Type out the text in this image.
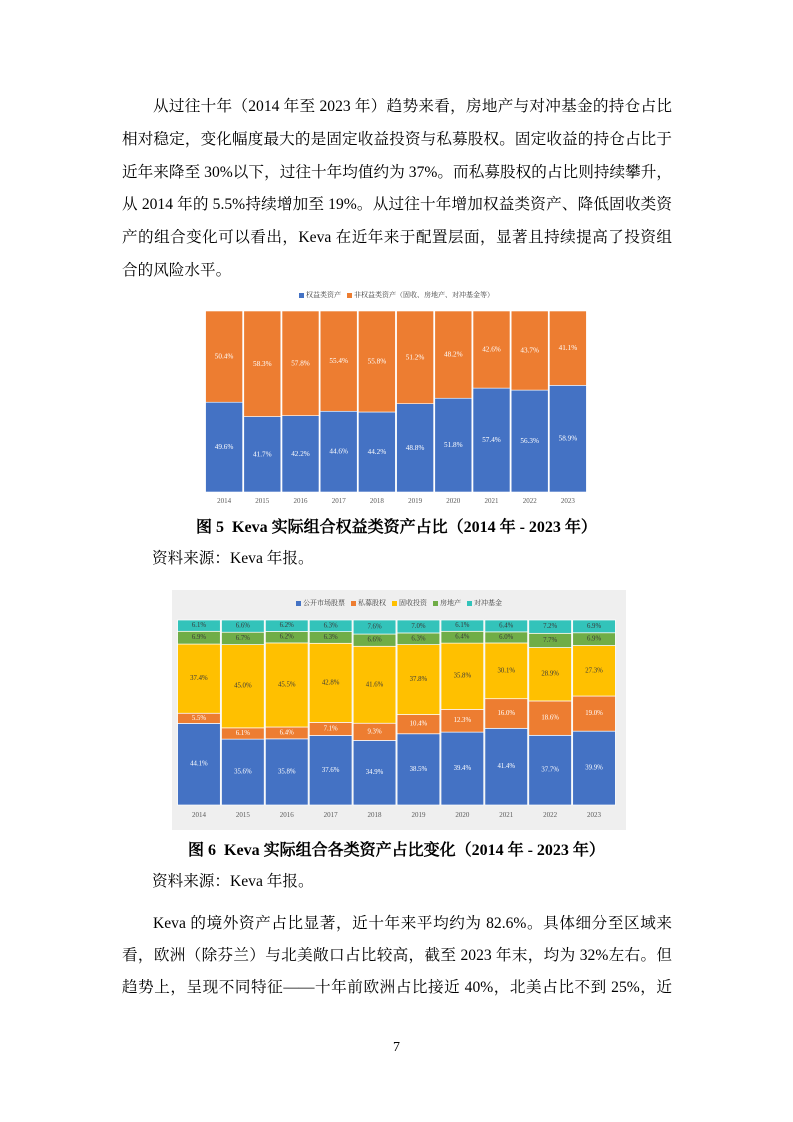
从过往十年（2014 年至 2023 年）趋势来看，房地产与对冲基金的持仓占比
相对稳定，变化幅度最大的是固定收益投资与私募股权。固定收益的持仓占比于
近年来降至 30%以下，过往十年均值约为 37%。而私募股权的占比则持续攀升，
从 2014 年的 5.5%持续增加至 19%。从过往十年增加权益类资产、降低固收类资
产的组合变化可以看出，Keva 在近年来于配置层面，显著且持续提高了投资组
合的风险水平。
权益类资产 非权益类资产（固收、房地产、对冲基金等）
49.6%
50.4%
41.7%
58.3%
42.2%
57.8%
44.6%
55.4%
44.2%
55.8%
48.8%
51.2%
51.8%
48.2%
57.4%
42.6%
56.3%
43.7%
58.9%
41.1%
2014	2015	2016	2017	2018	2019	2020	2021	2022	2023
图 5  Keva 实际组合权益类资产占比（2014 年 - 2023 年）
资料来源：Keva 年报。
公开市场股票 私募股权 固收投资 房地产 对冲基金
44.1%
5.5%
37.4%
6.9%
6.1%
35.6%
6.1%
45.0%
6.7%
6.6%
35.8%
6.4%
45.5%
6.2%
6.2%
37.6%
7.1%
42.8%
6.3%
6.3%
34.9%
9.3%
41.6%
6.6%
7.6%
38.5%
10.4%
37.8%
6.3%
7.0%
39.4%
12.3%
35.8%
6.4%
6.1%
41.4%
16.0%
30.1%
6.0%
6.4%
37.7%
18.6%
28.9%
7.7%
7.2%
39.9%
19.0%
27.3%
6.9%
6.9%
2014	2015	2016	2017	2018	2019	2020	2021	2022	2023
图 6  Keva 实际组合各类资产占比变化（2014 年 - 2023 年）
资料来源：Keva 年报。
Keva 的境外资产占比显著，近十年来平均约为 82.6%。具体细分至区域来
看，欧洲（除芬兰）与北美敞口占比较高，截至 2023 年末，均为 32%左右。但
趋势上，呈现不同特征——十年前欧洲占比接近 40%，北美占比不到 25%，近
7
